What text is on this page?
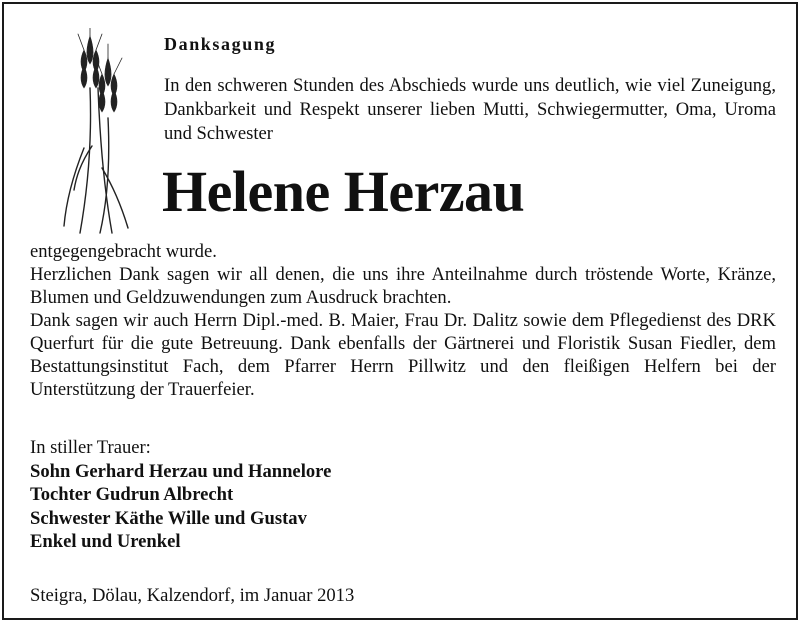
Danksagung
In den schweren Stunden des Abschieds wurde uns deutlich, wie viel Zuneigung, Dankbarkeit und Respekt unserer lieben Mutti, Schwiegermutter, Oma, Uroma und Schwester
Helene Herzau

entgegengebracht wurde.

Herzlichen Dank sagen wir all denen, die uns ihre Anteilnahme durch tröstende Worte, Kränze, Blumen und Geldzuwendungen zum Ausdruck brachten.

Dank sagen wir auch Herrn Dipl.-med. B. Maier, Frau Dr. Dalitz sowie dem Pflegedienst des DRK Querfurt für die gute Betreuung. Dank ebenfalls der Gärtnerei und Floristik Susan Fiedler, dem Bestattungsinstitut Fach, dem Pfarrer Herrn Pillwitz und den fleißigen Helfern bei der Unterstützung der Trauerfeier.

In stiller Trauer:
Sohn Gerhard Herzau und Hannelore
Tochter Gudrun Albrecht
Schwester Käthe Wille und Gustav
Enkel und Urenkel
Steigra, Dölau, Kalzendorf, im Januar 2013
